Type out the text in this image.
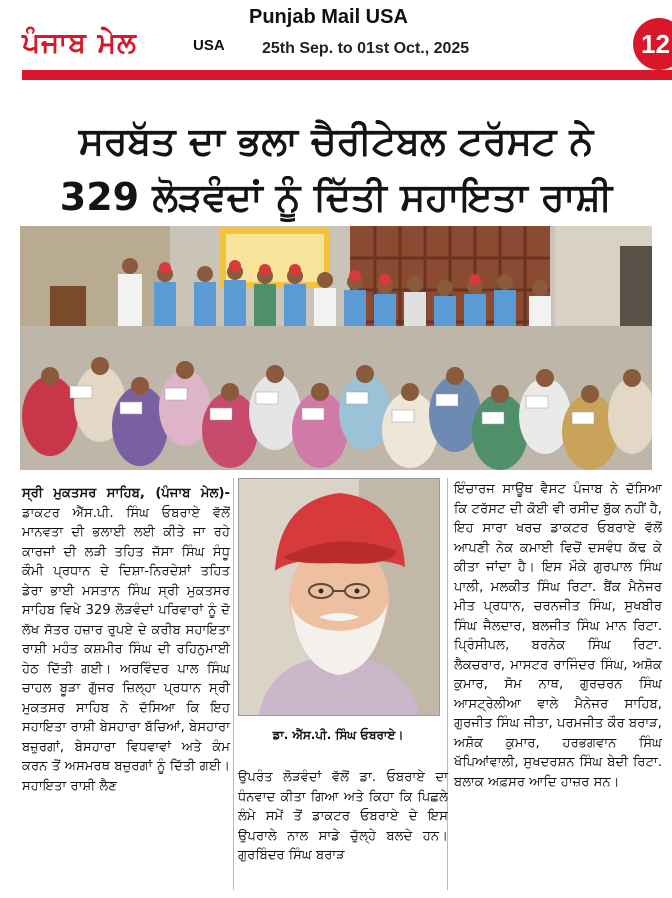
ਪੰਜਾਬ ਮੇਲ	USA
Punjab Mail USA
25th Sep. to 01st Oct., 2025	12
ਸਰਬੱਤ ਦਾ ਭਲਾ ਚੈਰੀਟੇਬਲ ਟਰੱਸਟ ਨੇ
329 ਲੋੜਵੰਦਾਂ ਨੂੰ ਦਿੱਤੀ ਸਹਾਇਤਾ ਰਾਸ਼ੀ
ਡਾ. ਐੱਸ.ਪੀ. ਸਿੰਘ ਓਬਰਾਏ।
ਸ੍ਰੀ ਮੁਕਤਸਰ ਸਾਹਿਬ, (ਪੰਜਾਬ ਮੇਲ)- ਡਾਕਟਰ ਐੱਸ.ਪੀ. ਸਿੰਘ ਓਬਰਾਏ ਵੱਲੋਂ ਮਾਨਵਤਾ ਦੀ ਭਲਾਈ ਲਈ ਕੀਤੇ ਜਾ ਰਹੇ ਕਾਰਜਾਂ ਦੀ ਲੜੀ ਤਹਿਤ ਜੱਸਾ ਸਿੰਘ ਸੰਧੂ ਕੌਮੀ ਪ੍ਰਧਾਨ ਦੇ ਦਿਸ਼ਾ-ਨਿਰਦੇਸ਼ਾਂ ਤਹਿਤ ਡੇਰਾ ਭਾਈ ਮਸਤਾਨ ਸਿੰਘ ਸ੍ਰੀ ਮੁਕਤਸਰ ਸਾਹਿਬ ਵਿਖੇ 329 ਲੋੜਵੰਦਾਂ ਪਰਿਵਾਰਾਂ ਨੂੰ ਦੋ ਲੱਖ ਸੱਤਰ ਹਜ਼ਾਰ ਰੁਪਏ ਦੇ ਕਰੀਬ ਸਹਾਇਤਾ ਰਾਸ਼ੀ ਮਹੰਤ ਕਸ਼ਮੀਰ ਸਿੰਘ ਦੀ ਰਹਿਨੁਮਾਈ ਹੇਠ ਦਿੱਤੀ ਗਈ। ਅਰਵਿੰਦਰ ਪਾਲ ਸਿੰਘ ਚਾਹਲ ਬੂੜਾ ਗੁੱਜਰ ਜ਼ਿਲ੍ਹਾ ਪ੍ਰਧਾਨ ਸ੍ਰੀ ਮੁਕਤਸਰ ਸਾਹਿਬ ਨੇ ਦੱਸਿਆ ਕਿ ਇਹ ਸਹਾਇਤਾ ਰਾਸ਼ੀ ਬੇਸਹਾਰਾ ਬੱਚਿਆਂ, ਬੇਸਹਾਰਾ ਬਜ਼ੁਰਗਾਂ, ਬੇਸਹਾਰਾ ਵਿਧਵਾਵਾਂ ਅਤੇ ਕੰਮ ਕਰਨ ਤੋਂ ਅਸਮਰਥ ਬਜ਼ੁਰਗਾਂ ਨੂੰ ਦਿੱਤੀ ਗਈ। ਸਹਾਇਤਾ ਰਾਸ਼ੀ ਲੈਣ
ਉਪਰੰਤ ਲੋੜਵੰਦਾਂ ਵੱਲੋਂ ਡਾ. ਓਬਰਾਏ ਦਾ ਧੰਨਵਾਦ ਕੀਤਾ ਗਿਆ ਅਤੇ ਕਿਹਾ ਕਿ ਪਿਛਲੇ ਲੰਮੇ ਸਮੇਂ ਤੋਂ ਡਾਕਟਰ ਓਬਰਾਏ ਦੇ ਇਸ ਉਪਰਾਲੇ ਨਾਲ ਸਾਡੇ ਚੁੱਲ੍ਹੇ ਬਲਦੇ ਹਨ। ਗੁਰਬਿੰਦਰ ਸਿੰਘ ਬਰਾੜ
ਇੰਚਾਰਜ ਸਾਊਥ ਵੈਸਟ ਪੰਜਾਬ ਨੇ ਦੱਸਿਆ ਕਿ ਟਰੱਸਟ ਦੀ ਕੋਈ ਵੀ ਰਸੀਦ ਬੁੱਕ ਨਹੀਂ ਹੈ, ਇਹ ਸਾਰਾ ਖਰਚ ਡਾਕਟਰ ਓਬਰਾਏ ਵੱਲੋਂ ਆਪਣੀ ਨੇਕ ਕਮਾਈ ਵਿਚੋਂ ਦਸਵੰਧ ਕੱਢ ਕੇ ਕੀਤਾ ਜਾਂਦਾ ਹੈ। ਇਸ ਮੌਕੇ ਗੁਰਪਾਲ ਸਿੰਘ ਪਾਲੀ, ਮਲਕੀਤ ਸਿੰਘ ਰਿਟਾ. ਬੈਂਕ ਮੈਨੇਜਰ ਮੀਤ ਪ੍ਰਧਾਨ, ਚਰਨਜੀਤ ਸਿੰਘ, ਸੁਖਬੀਰ ਸਿੰਘ ਜੈਲਦਾਰ, ਬਲਜੀਤ ਸਿੰਘ ਮਾਨ ਰਿਟਾ. ਪ੍ਰਿੰਸੀਪਲ, ਬਰਨੇਕ ਸਿੰਘ ਰਿਟਾ. ਲੈਕਚਰਾਰ, ਮਾਸਟਰ ਰਾਜਿੰਦਰ ਸਿੰਘ, ਅਸ਼ੋਕ ਕੁਮਾਰ, ਸੋਮ ਨਾਥ, ਗੁਰਚਰਨ ਸਿੰਘ ਆਸਟ੍ਰੇਲੀਆ ਵਾਲੇ ਮੈਨੇਜਰ ਸਾਹਿਬ, ਗੁਰਜੀਤ ਸਿੰਘ ਜੀਤਾ, ਪਰਮਜੀਤ ਕੌਰ ਬਰਾੜ, ਅਸ਼ੋਕ ਕੁਮਾਰ, ਹਰਭਗਵਾਨ ਸਿੰਘ ਖੱਪਿਆਂਵਾਲੀ, ਸੁਖਦਰਸ਼ਨ ਸਿੰਘ ਬੇਦੀ ਰਿਟਾ. ਬਲਾਕ ਅਫ਼ਸਰ ਆਦਿ ਹਾਜ਼ਰ ਸਨ।
